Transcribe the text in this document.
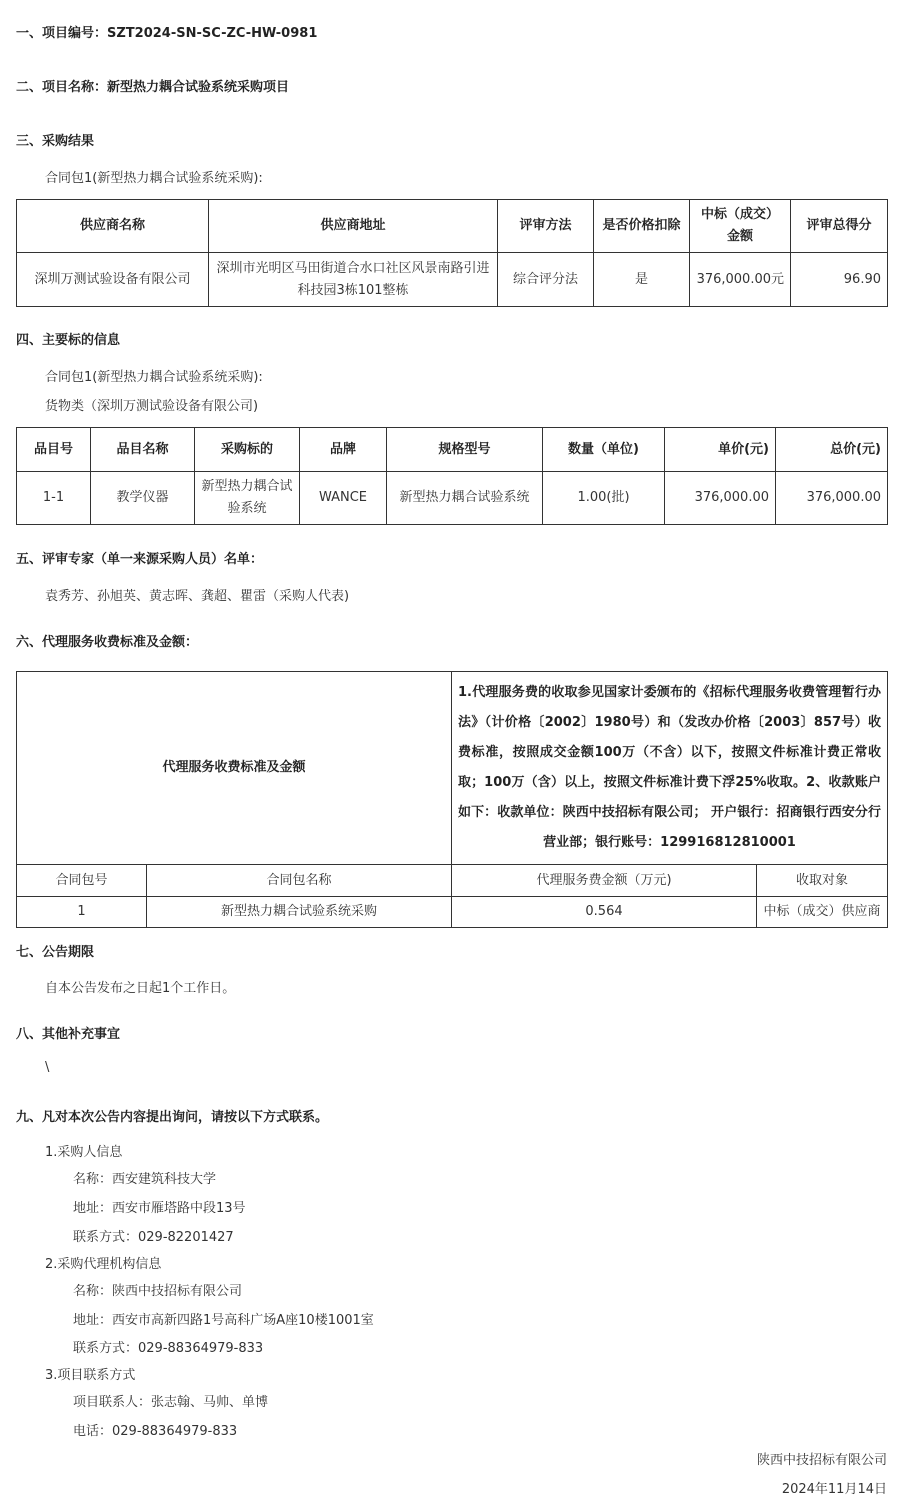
一、项目编号：SZT2024-SN-SC-ZC-HW-0981
二、项目名称：新型热力耦合试验系统采购项目
三、采购结果
合同包1(新型热力耦合试验系统采购):
供应商名称	供应商地址	评审方法	是否价格扣除	中标（成交）金额	评审总得分
深圳万测试验设备有限公司	深圳市光明区马田街道合水口社区风景南路引进科技园3栋101整栋	综合评分法	是	376,000.00元	96.90
四、主要标的信息
合同包1(新型热力耦合试验系统采购):
货物类（深圳万测试验设备有限公司)
品目号	品目名称	采购标的	品牌	规格型号	数量（单位)	单价(元)	总价(元)
1-1	教学仪器	新型热力耦合试验系统	WANCE	新型热力耦合试验系统	1.00(批)	376,000.00	376,000.00
五、评审专家（单一来源采购人员）名单：
袁秀芳、孙旭英、黄志晖、龚超、瞿雷（采购人代表)
六、代理服务收费标准及金额：
代理服务收费标准及金额		1.代理服务费的收取参见国家计委颁布的《招标代理服务收费管理暂行办法》（计价格〔2002〕1980号）和（发改办价格〔2003〕857号）收费标准，按照成交金额100万（不含）以下，按照文件标准计费正常收取；100万（含）以上，按照文件标准计费下浮25%收取。2、收款账户如下：收款单位：陕西中技招标有限公司； 开户银行：招商银行西安分行营业部；银行账号：129916812810001	
合同包号	合同包名称	代理服务费金额（万元)	收取对象
1	新型热力耦合试验系统采购	0.564	中标（成交）供应商
七、公告期限
自本公告发布之日起1个工作日。
八、其他补充事宜
\
九、凡对本次公告内容提出询问，请按以下方式联系。
1.采购人信息
名称：西安建筑科技大学
地址：西安市雁塔路中段13号
联系方式：029-82201427
2.采购代理机构信息
名称：陕西中技招标有限公司
地址：西安市高新四路1号高科广场A座10楼1001室
联系方式：029-88364979-833
3.项目联系方式
项目联系人：张志翰、马帅、单博
电话：029-88364979-833
陕西中技招标有限公司
2024年11月14日
